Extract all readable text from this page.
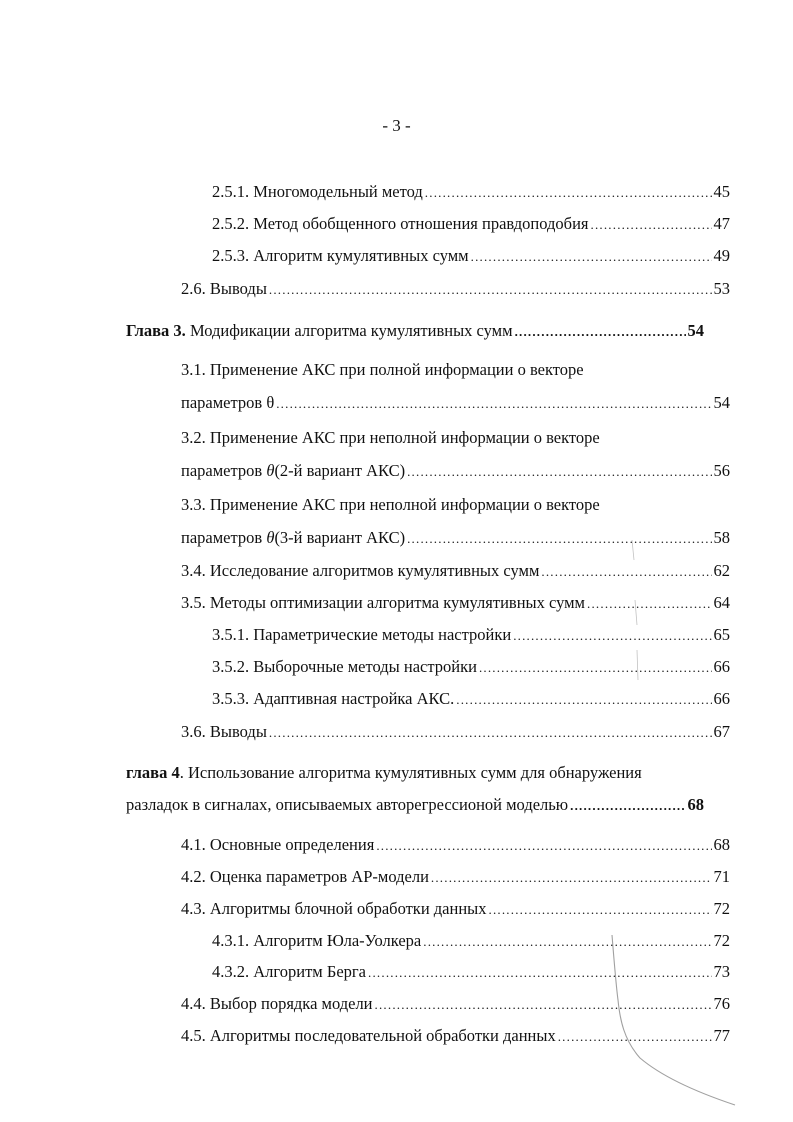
- 3 -
2.5.1. Многомодельный метод .....	45
2.5.2. Метод обобщенного отношения правдоподобия .....	47
2.5.3. Алгоритм кумулятивных сумм .....	49
2.6. Выводы .....	53
Глава 3. Модификации алгоритма кумулятивных сумм .....	54
3.1. Применение АКС при полной информации о векторе
параметров θ .....	54
3.2. Применение АКС при неполной информации о векторе
параметров θ(2-й вариант АКС) .....	56
3.3. Применение АКС при неполной информации о векторе
параметров θ(3-й вариант АКС) .....	58
3.4. Исследование алгоритмов кумулятивных сумм .....	62
3.5. Методы оптимизации алгоритма кумулятивных сумм .....	64
3.5.1. Параметрические методы настройки .....	65
3.5.2. Выборочные методы настройки .....	66
3.5.3. Адаптивная настройка АКС. .....	66
3.6. Выводы .....	67
глава 4. Использование алгоритма кумулятивных сумм для обнаружения
разладок в сигналах, описываемых авторегрессионой моделью .....	68
4.1. Основные определения .....	68
4.2. Оценка параметров АР-модели .....	71
4.3. Алгоритмы блочной обработки данных .....	72
4.3.1. Алгоритм Юла-Уолкера .....	72
4.3.2. Алгоритм Берга .....	73
4.4. Выбор порядка модели .....	76
4.5. Алгоритмы последовательной обработки данных .....	77
